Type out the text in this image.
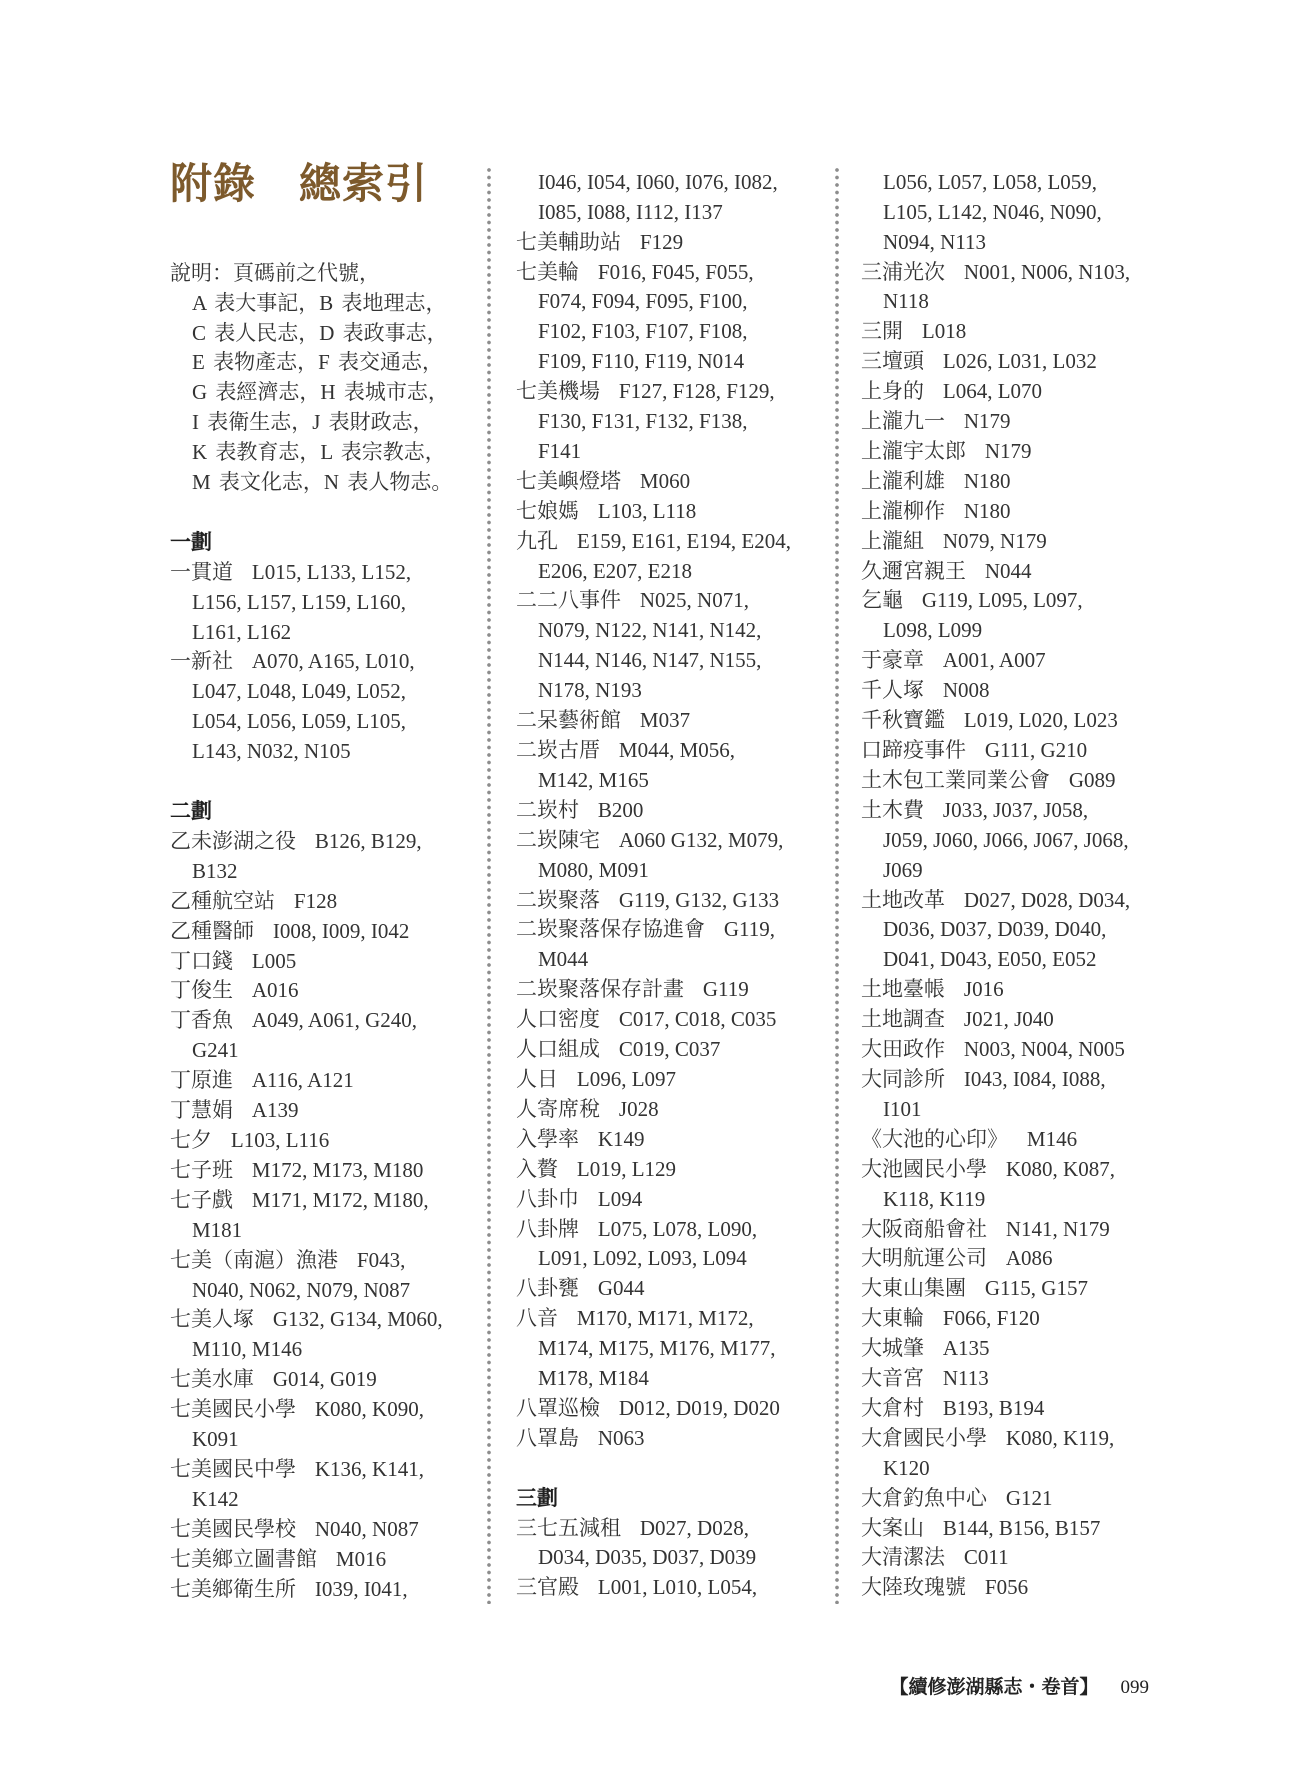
附錄　總索引
說明：頁碼前之代號，
A 表大事記，B 表地理志，
C 表人民志，D 表政事志，
E 表物產志，F 表交通志，
G 表經濟志，H 表城市志，
I 表衛生志，J 表財政志，
K 表教育志，L 表宗教志，
M 表文化志，N 表人物志。
一劃
一貫道 L015, L133, L152,
L156, L157, L159, L160,
L161, L162
一新社 A070, A165, L010,
L047, L048, L049, L052,
L054, L056, L059, L105,
L143, N032, N105
二劃
乙未澎湖之役 B126, B129,
B132
乙種航空站 F128
乙種醫師 I008, I009, I042
丁口錢 L005
丁俊生 A016
丁香魚 A049, A061, G240,
G241
丁原進 A116, A121
丁慧娟 A139
七夕 L103, L116
七子班 M172, M173, M180
七子戲 M171, M172, M180,
M181
七美（南滬）漁港 F043,
N040, N062, N079, N087
七美人塚 G132, G134, M060,
M110, M146
七美水庫 G014, G019
七美國民小學 K080, K090,
K091
七美國民中學 K136, K141,
K142
七美國民學校 N040, N087
七美鄉立圖書館 M016
七美鄉衛生所 I039, I041,
I046, I054, I060, I076, I082,
I085, I088, I112, I137
七美輔助站 F129
七美輪 F016, F045, F055,
F074, F094, F095, F100,
F102, F103, F107, F108,
F109, F110, F119, N014
七美機場 F127, F128, F129,
F130, F131, F132, F138,
F141
七美嶼燈塔 M060
七娘媽 L103, L118
九孔 E159, E161, E194, E204,
E206, E207, E218
二二八事件 N025, N071,
N079, N122, N141, N142,
N144, N146, N147, N155,
N178, N193
二呆藝術館 M037
二崁古厝 M044, M056,
M142, M165
二崁村 B200
二崁陳宅 A060 G132, M079,
M080, M091
二崁聚落 G119, G132, G133
二崁聚落保存協進會 G119,
M044
二崁聚落保存計畫 G119
人口密度 C017, C018, C035
人口組成 C019, C037
人日 L096, L097
人寄席稅 J028
入學率 K149
入贅 L019, L129
八卦巾 L094
八卦牌 L075, L078, L090,
L091, L092, L093, L094
八卦甕 G044
八音 M170, M171, M172,
M174, M175, M176, M177,
M178, M184
八罩巡檢 D012, D019, D020
八罩島 N063
三劃
三七五減租 D027, D028,
D034, D035, D037, D039
三官殿 L001, L010, L054,
L056, L057, L058, L059,
L105, L142, N046, N090,
N094, N113
三浦光次 N001, N006, N103,
N118
三開 L018
三壇頭 L026, L031, L032
上身的 L064, L070
上瀧九一 N179
上瀧宇太郎 N179
上瀧利雄 N180
上瀧柳作 N180
上瀧組 N079, N179
久邇宮親王 N044
乞龜 G119, L095, L097,
L098, L099
于豪章 A001, A007
千人塚 N008
千秋寶鑑 L019, L020, L023
口蹄疫事件 G111, G210
土木包工業同業公會 G089
土木費 J033, J037, J058,
J059, J060, J066, J067, J068,
J069
土地改革 D027, D028, D034,
D036, D037, D039, D040,
D041, D043, E050, E052
土地臺帳 J016
土地調查 J021, J040
大田政作 N003, N004, N005
大同診所 I043, I084, I088,
I101
《大池的心印》 M146
大池國民小學 K080, K087,
K118, K119
大阪商船會社 N141, N179
大明航運公司 A086
大東山集團 G115, G157
大東輪 F066, F120
大城肇 A135
大音宮 N113
大倉村 B193, B194
大倉國民小學 K080, K119,
K120
大倉釣魚中心 G121
大案山 B144, B156, B157
大清潔法 C011
大陸玫瑰號 F056
【續修澎湖縣志・卷首】 099
